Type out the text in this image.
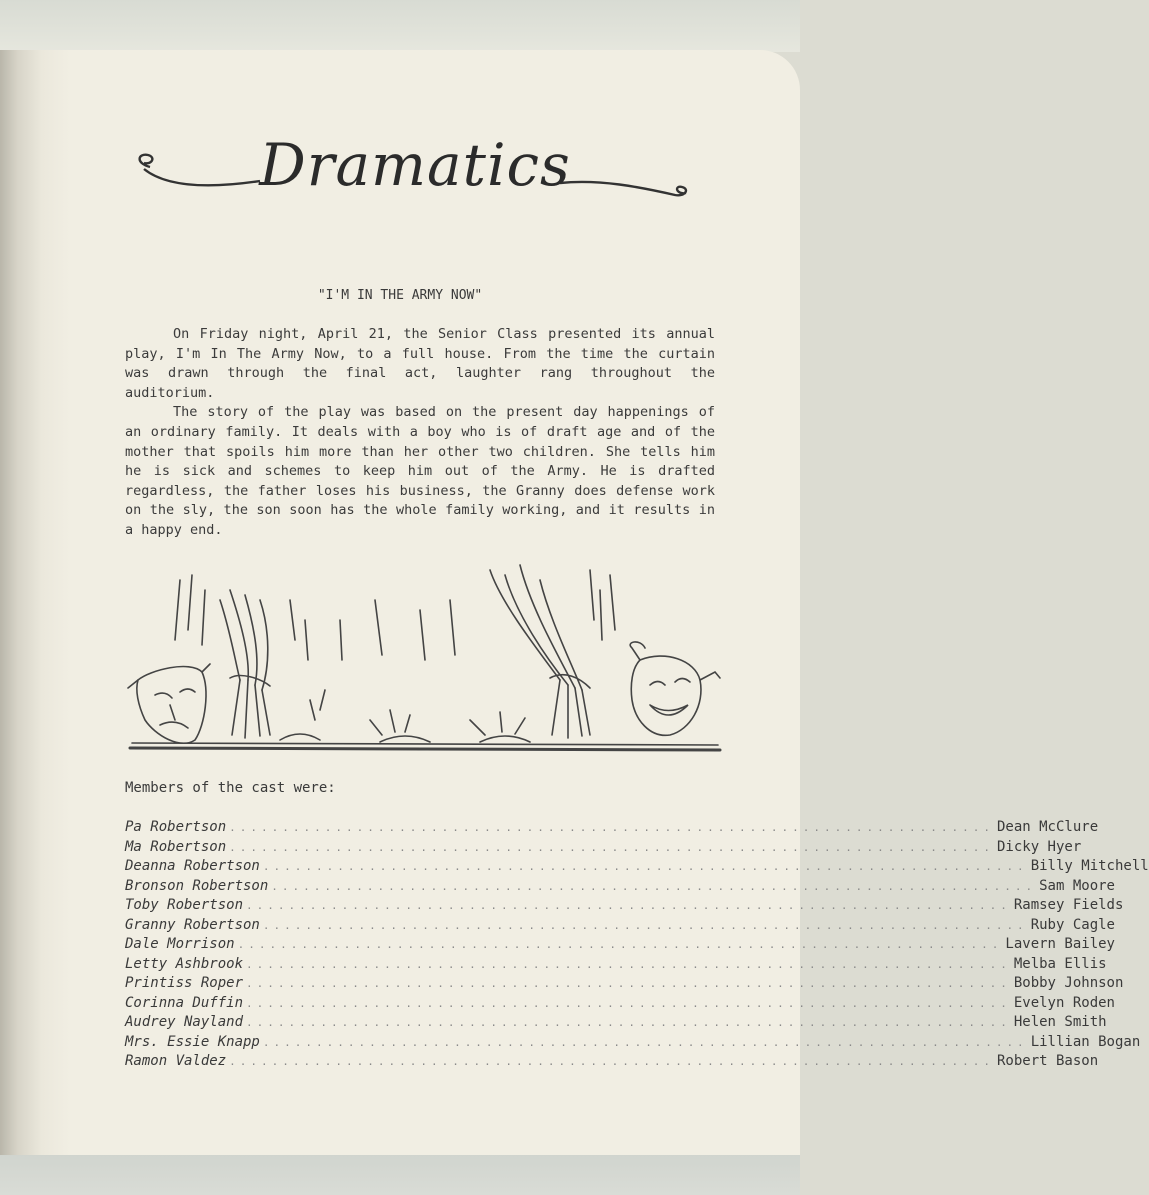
Dramatics
"I'M IN THE ARMY NOW"

On Friday night, April 21, the Senior Class presented its annual play, I'm In The Army Now, to a full house. From the time the curtain was drawn through the final act, laughter rang throughout the auditorium.

The story of the play was based on the present day happenings of an ordinary family. It deals with a boy who is of draft age and of the mother that spoils him more than her other two children. She tells him he is sick and schemes to keep him out of the Army. He is drafted regardless, the father loses his business, the Granny does defense work on the sly, the son soon has the whole family working, and it results in a happy end.

Members of the cast were:
Pa Robertson ........................................................................ Dean McClure
Ma Robertson ........................................................................ Dicky Hyer
Deanna Robertson ........................................................................ Billy Mitchell
Bronson Robertson ........................................................................ Sam Moore
Toby Robertson ........................................................................ Ramsey Fields
Granny Robertson ........................................................................ Ruby Cagle
Dale Morrison ........................................................................ Lavern Bailey
Letty Ashbrook ........................................................................ Melba Ellis
Printiss Roper ........................................................................ Bobby Johnson
Corinna Duffin ........................................................................ Evelyn Roden
Audrey Nayland ........................................................................ Helen Smith
Mrs. Essie Knapp ........................................................................ Lillian Bogan
Ramon Valdez ........................................................................ Robert Bason
